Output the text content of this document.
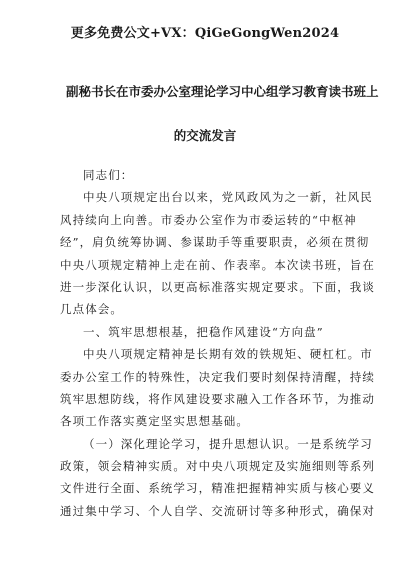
更多免费公文+VX：QiGeGongWen2024
副秘书长在市委办公室理论学习中心组学习教育读书班上
的交流发言
同志们：
中央八项规定出台以来，党风政风为之一新，社风民
风持续向上向善。市委办公室作为市委运转的“中枢神
经”，肩负统筹协调、参谋助手等重要职责，必须在贯彻
中央八项规定精神上走在前、作表率。本次读书班，旨在
进一步深化认识，以更高标准落实规定要求。下面，我谈
几点体会。
一、筑牢思想根基，把稳作风建设“方向盘”
中央八项规定精神是长期有效的铁规矩、硬杠杠。市
委办公室工作的特殊性，决定我们要时刻保持清醒，持续
筑牢思想防线，将作风建设要求融入工作各环节，为推动
各项工作落实奠定坚实思想基础。
（一）深化理论学习，提升思想认识。一是系统学习
政策，领会精神实质。对中央八项规定及实施细则等系列
文件进行全面、系统学习，精准把握精神实质与核心要义
通过集中学习、个人自学、交流研讨等多种形式，确保对
